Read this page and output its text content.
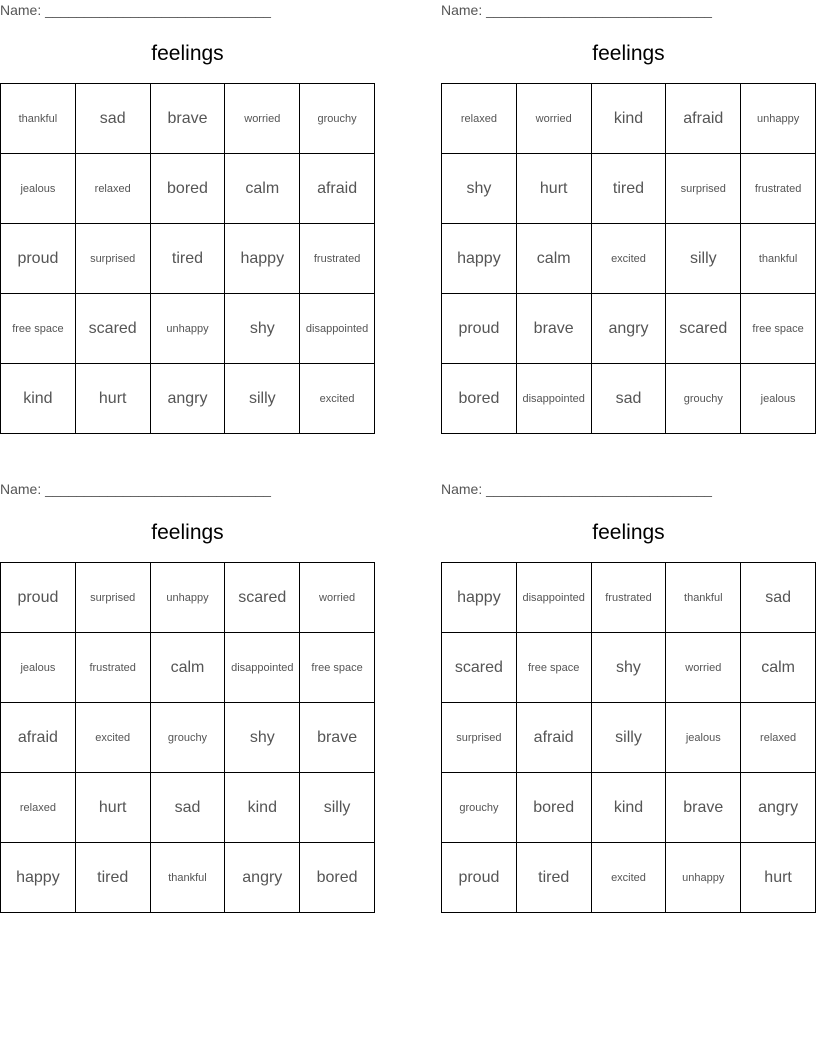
Name: _____________________________
feelings
thankful	sad	brave	worried	grouchy
jealous	relaxed	bored	calm	afraid
proud	surprised	tired	happy	frustrated
free space	scared	unhappy	shy	disappointed
kind	hurt	angry	silly	excited
Name: _____________________________
feelings
relaxed	worried	kind	afraid	unhappy
shy	hurt	tired	surprised	frustrated
happy	calm	excited	silly	thankful
proud	brave	angry	scared	free space
bored	disappointed	sad	grouchy	jealous
Name: _____________________________
feelings
proud	surprised	unhappy	scared	worried
jealous	frustrated	calm	disappointed	free space
afraid	excited	grouchy	shy	brave
relaxed	hurt	sad	kind	silly
happy	tired	thankful	angry	bored
Name: _____________________________
feelings
happy	disappointed	frustrated	thankful	sad
scared	free space	shy	worried	calm
surprised	afraid	silly	jealous	relaxed
grouchy	bored	kind	brave	angry
proud	tired	excited	unhappy	hurt
